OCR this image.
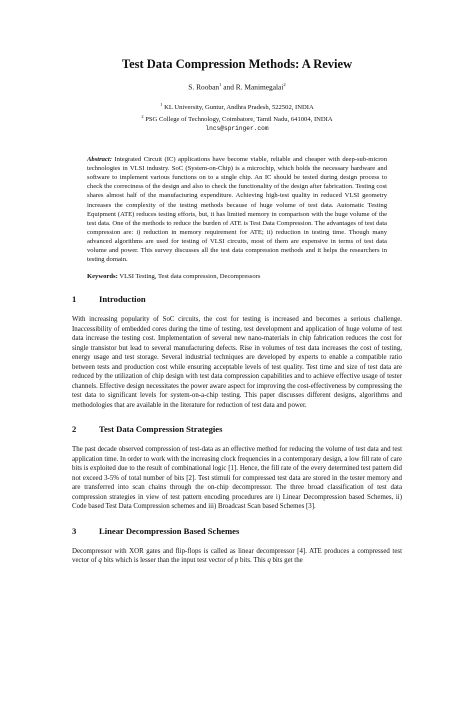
Test Data Compression Methods: A Review
S. Rooban$^1$ and R. Manimegalai$^2$
$^1$ KL University, Guntur, Andhra Pradesh, 522502, INDIA
$^2$ PSG College of Technology, Coimbatore, Tamil Nadu, 641004, INDIA
lncs@springer.com
Abstract: Integrated Circuit (IC) applications have become viable, reliable and cheaper with deep-sub-micron technologies in VLSI industry. SoC (System-on-Chip) is a microchip, which holds the necessary hardware and software to implement various functions on to a single chip. An IC should be tested during design process to check the correctness of the design and also to check the functionality of the design after fabrication. Testing cost shares almost half of the manufacturing expenditure. Achieving high-test quality in reduced VLSI geometry increases the complexity of the testing methods because of huge volume of test data. Automatic Testing Equipment (ATE) reduces testing efforts, but, it has limited memory in comparison with the huge volume of the test data. One of the methods to reduce the burden of ATE is Test Data Compression. The advantages of test data compression are: i) reduction in memory requirement for ATE; ii) reduction in testing time. Though many advanced algorithms are used for testing of VLSI circuits, most of them are expensive in terms of test data volume and power. This survey discusses all the test data compression methods and it helps the researchers in testing domain.
Keywords: VLSI Testing, Test data compression, Decompressors
1	Introduction
With increasing popularity of SoC circuits, the cost for testing is increased and becomes a serious challenge. Inaccessibility of embedded cores during the time of testing, test development and application of huge volume of test data increase the testing cost. Implementation of several new nano-materials in chip fabrication reduces the cost for single transistor but lead to several manufacturing defects. Rise in volumes of test data increases the cost of testing, energy usage and test storage. Several industrial techniques are developed by experts to enable a compatible ratio between tests and production cost while ensuring acceptable levels of test quality. Test time and size of test data are reduced by the utilization of chip design with test data compression capabilities and to achieve effective usage of tester channels. Effective design necessitates the power aware aspect for improving the cost-effectiveness by compressing the test data to significant levels for system-on-a-chip testing. This paper discusses different designs, algorithms and methodologies that are available in the literature for reduction of test data and power.
2	Test Data Compression Strategies
The past decade observed compression of test-data as an effective method for reducing the volume of test data and test application time. In order to work with the increasing clock frequencies in a contemporary design, a low fill rate of care bits is exploited due to the result of combinational logic [1]. Hence, the fill rate of the every determined test pattern did not exceed 3-5% of total number of bits [2]. Test stimuli for compressed test data are stored in the tester memory and are transferred into scan chains through the on-chip decompressor. The three broad classification of test data compression strategies in view of test pattern encoding procedures are i) Linear Decompression based Schemes, ii) Code based Test Data Compression schemes and iii) Broadcast Scan based Schemes [3].
3	Linear Decompression Based Schemes
Decompressor with XOR gates and flip-flops is called as linear decompressor [4]. ATE produces a compressed test vector of q bits which is lesser than the input test vector of p bits. This q bits get the
